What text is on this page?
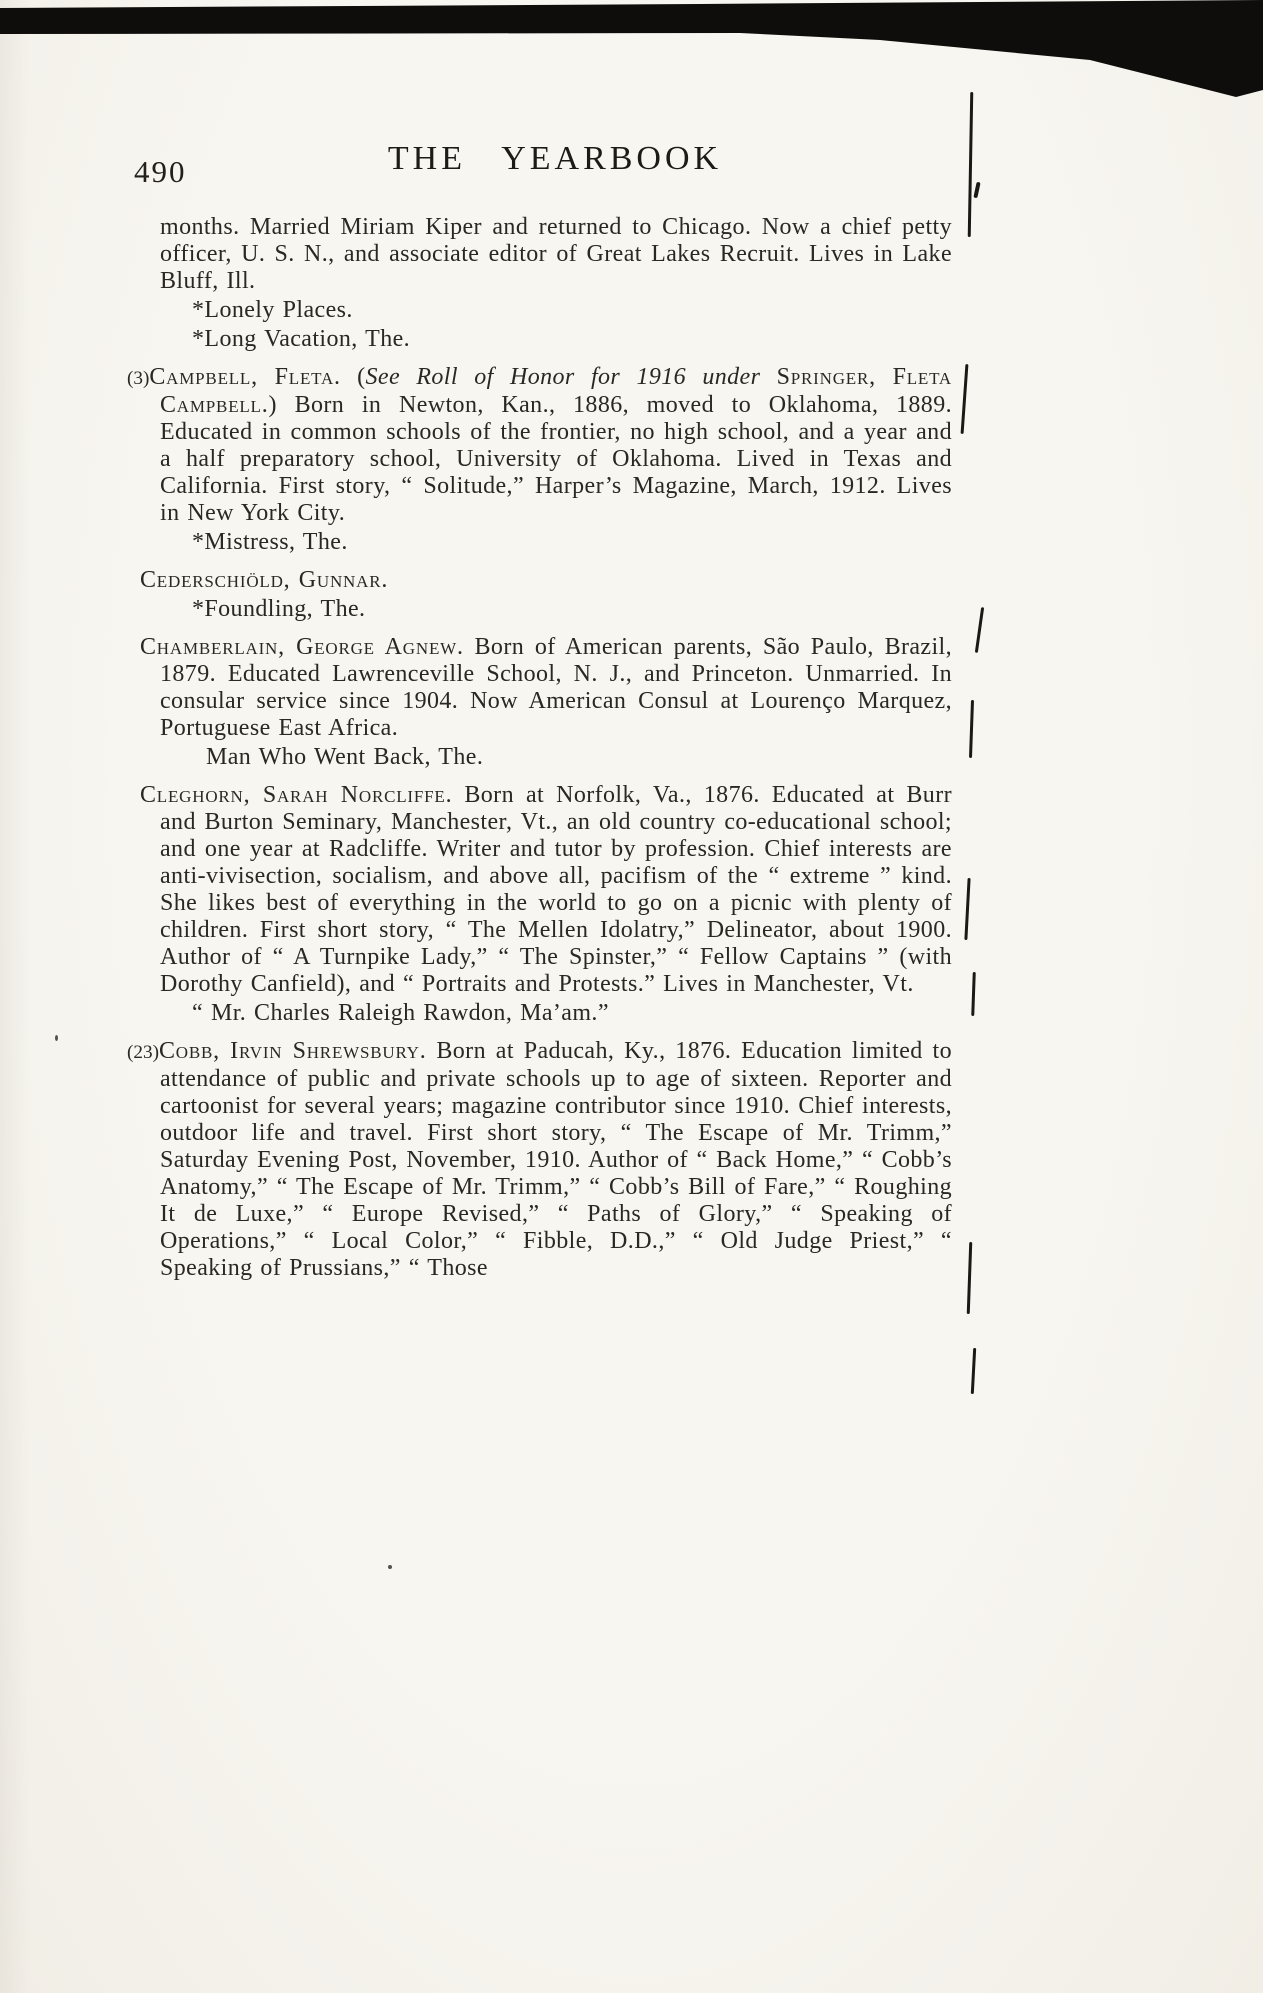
490	THE YEARBOOK

months. Married Miriam Kiper and returned to Chicago. Now a chief petty officer, U. S. N., and associate editor of Great Lakes Recruit. Lives in Lake Bluff, Ill.

*Lonely Places.

*Long Vacation, The.

(3)Campbell, Fleta. (See Roll of Honor for 1916 under Springer, Fleta Campbell.) Born in Newton, Kan., 1886, moved to Oklahoma, 1889. Educated in common schools of the frontier, no high school, and a year and a half preparatory school, University of Oklahoma. Lived in Texas and California. First story, “ Solitude,” Harper’s Magazine, March, 1912. Lives in New York City.

*Mistress, The.

Cederschiöld, Gunnar.

*Foundling, The.

Chamberlain, George Agnew. Born of American parents, São Paulo, Brazil, 1879. Educated Lawrenceville School, N. J., and Princeton. Unmarried. In consular service since 1904. Now American Consul at Lourenço Marquez, Portuguese East Africa.

Man Who Went Back, The.

Cleghorn, Sarah Norcliffe. Born at Norfolk, Va., 1876. Educated at Burr and Burton Seminary, Manchester, Vt., an old country co-educational school; and one year at Radcliffe. Writer and tutor by profession. Chief interests are anti-vivisection, socialism, and above all, pacifism of the “ extreme ” kind. She likes best of everything in the world to go on a picnic with plenty of children. First short story, “ The Mellen Idolatry,” Delineator, about 1900. Author of “ A Turnpike Lady,” “ The Spinster,” “ Fellow Captains ” (with Dorothy Canfield), and “ Portraits and Protests.” Lives in Manchester, Vt.

“ Mr. Charles Raleigh Rawdon, Ma’am.”

(23)Cobb, Irvin Shrewsbury. Born at Paducah, Ky., 1876. Education limited to attendance of public and private schools up to age of sixteen. Reporter and cartoonist for several years; magazine contributor since 1910. Chief interests, outdoor life and travel. First short story, “ The Escape of Mr. Trimm,” Saturday Evening Post, November, 1910. Author of “ Back Home,” “ Cobb’s Anatomy,” “ The Escape of Mr. Trimm,” “ Cobb’s Bill of Fare,” “ Roughing It de Luxe,” “ Europe Revised,” “ Paths of Glory,” “ Speaking of Operations,” “ Local Color,” “ Fibble, D.D.,” “ Old Judge Priest,” “ Speaking of Prussians,” “ Those
